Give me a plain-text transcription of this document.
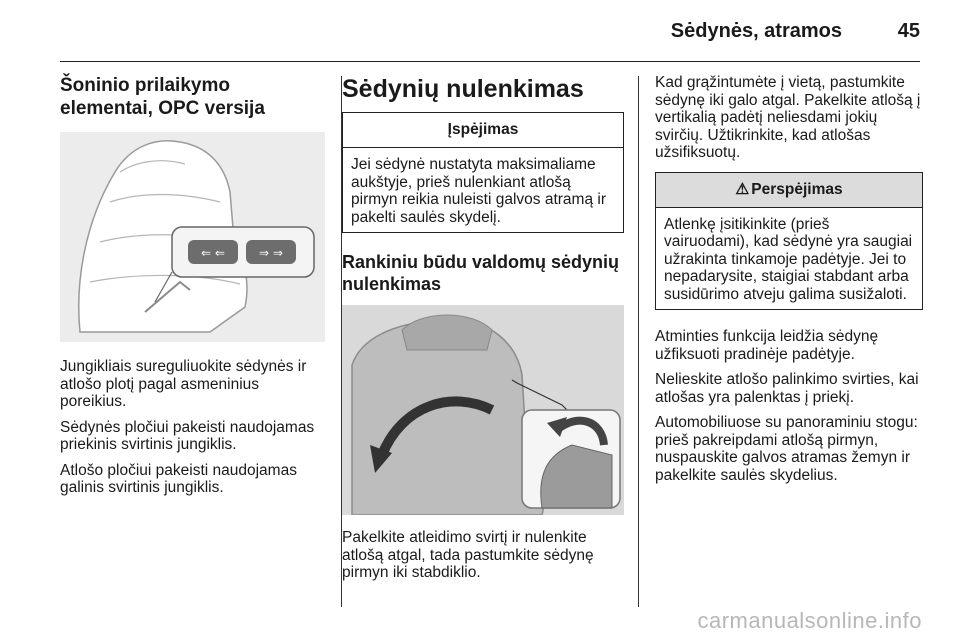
Sėdynės, atramos	45
Šoninio prilaikymo elementai, OPC versija
⇐ ⇐	⇒ ⇒

Jungikliais sureguliuokite sėdynės ir atlošo plotį pagal asmeninius poreikius.

Sėdynės pločiui pakeisti naudojamas priekinis svirtinis jungiklis.

Atlošo pločiui pakeisti naudojamas galinis svirtinis jungiklis.

Sėdynių nulenkimas
Įspėjimas
Jei sėdynė nustatyta maksimaliame aukštyje, prieš nulenkiant atlošą pirmyn reikia nuleisti galvos atramą ir pakelti saulės skydelį.
Rankiniu būdu valdomų sėdynių nulenkimas

Pakelkite atleidimo svirtį ir nulenkite atlošą atgal, tada pastumkite sėdynę pirmyn iki stabdiklio.

Kad grąžintumėte į vietą, pastumkite sėdynę iki galo atgal. Pakelkite atlošą į vertikalią padėtį neliesdami jokių svirčių. Užtikrinkite, kad atlošas užsifiksuotų.

⚠ Perspėjimas
Atlenkę įsitikinkite (prieš vairuodami), kad sėdynė yra saugiai užrakinta tinkamoje padėtyje. Jei to nepadarysite, staigiai stabdant arba susidūrimo atveju galima susižaloti.

Atminties funkcija leidžia sėdynę užfiksuoti pradinėje padėtyje.

Nelieskite atlošo palinkimo svirties, kai atlošas yra palenktas į priekį.

Automobiliuose su panoraminiu stogu: prieš pakreipdami atlošą pirmyn, nuspauskite galvos atramas žemyn ir pakelkite saulės skydelius.

carmanualsonline.info
